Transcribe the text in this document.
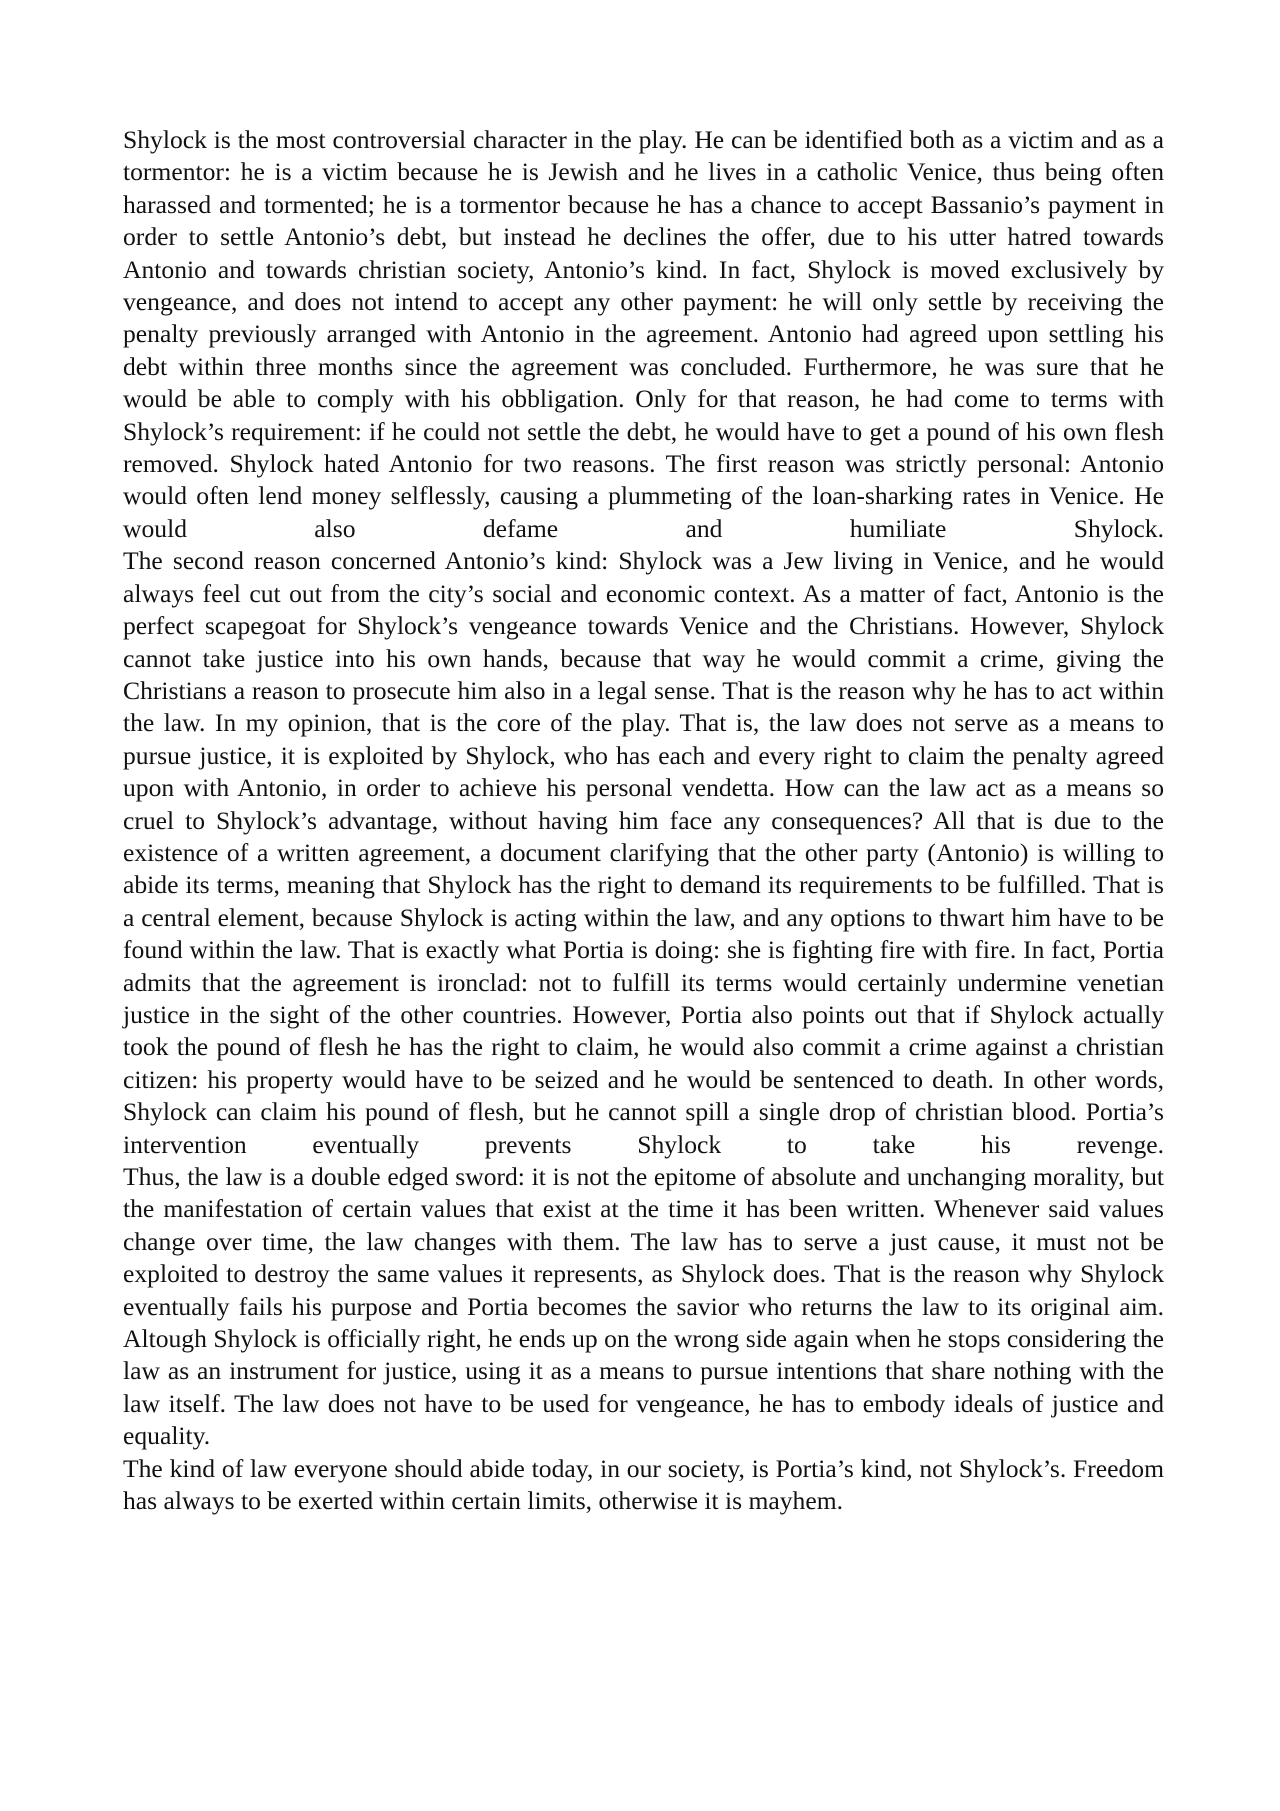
Shylock is the most controversial character in the play. He can be identified both as a victim and as a tormentor: he is a victim because he is Jewish and he lives in a catholic Venice, thus being often harassed and tormented; he is a tormentor because he has a chance to accept Bassanio’s payment in order to settle Antonio’s debt, but instead he declines the offer, due to his utter hatred towards Antonio and towards christian society, Antonio’s kind. In fact, Shylock is moved exclusively by vengeance, and does not intend to accept any other payment: he will only settle by receiving the penalty previously arranged with Antonio in the agreement. Antonio had agreed upon settling his debt within three months since the agreement was concluded. Furthermore, he was sure that he would be able to comply with his obbligation. Only for that reason, he had come to terms with Shylock’s requirement: if he could not settle the debt, he would have to get a pound of his own flesh removed. Shylock hated Antonio for two reasons. The first reason was strictly personal: Antonio would often lend money selflessly, causing a plummeting of the loan-sharking rates in Venice. He would also defame and humiliate Shylock.

The second reason concerned Antonio’s kind: Shylock was a Jew living in Venice, and he would always feel cut out from the city’s social and economic context. As a matter of fact, Antonio is the perfect scapegoat for Shylock’s vengeance towards Venice and the Christians. However, Shylock cannot take justice into his own hands, because that way he would commit a crime, giving the Christians a reason to prosecute him also in a legal sense. That is the reason why he has to act within the law. In my opinion, that is the core of the play. That is, the law does not serve as a means to pursue justice, it is exploited by Shylock, who has each and every right to claim the penalty agreed upon with Antonio, in order to achieve his personal vendetta. How can the law act as a means so cruel to Shylock’s advantage, without having him face any consequences? All that is due to the existence of a written agreement, a document clarifying that the other party (Antonio) is willing to abide its terms, meaning that Shylock has the right to demand its requirements to be fulfilled. That is a central element, because Shylock is acting within the law, and any options to thwart him have to be found within the law. That is exactly what Portia is doing: she is fighting fire with fire. In fact, Portia admits that the agreement is ironclad: not to fulfill its terms would certainly undermine venetian justice in the sight of the other countries. However, Portia also points out that if Shylock actually took the pound of flesh he has the right to claim, he would also commit a crime against a christian citizen: his property would have to be seized and he would be sentenced to death. In other words, Shylock can claim his pound of flesh, but he cannot spill a single drop of christian blood. Portia’s intervention eventually prevents Shylock to take his revenge.

Thus, the law is a double edged sword: it is not the epitome of absolute and unchanging morality, but the manifestation of certain values that exist at the time it has been written. Whenever said values change over time, the law changes with them. The law has to serve a just cause, it must not be exploited to destroy the same values it represents, as Shylock does. That is the reason why Shylock eventually fails his purpose and Portia becomes the savior who returns the law to its original aim. Altough Shylock is officially right, he ends up on the wrong side again when he stops considering the law as an instrument for justice, using it as a means to pursue intentions that share nothing with the law itself. The law does not have to be used for vengeance, he has to embody ideals of justice and equality.

The kind of law everyone should abide today, in our society, is Portia’s kind, not Shylock’s. Freedom has always to be exerted within certain limits, otherwise it is mayhem.
